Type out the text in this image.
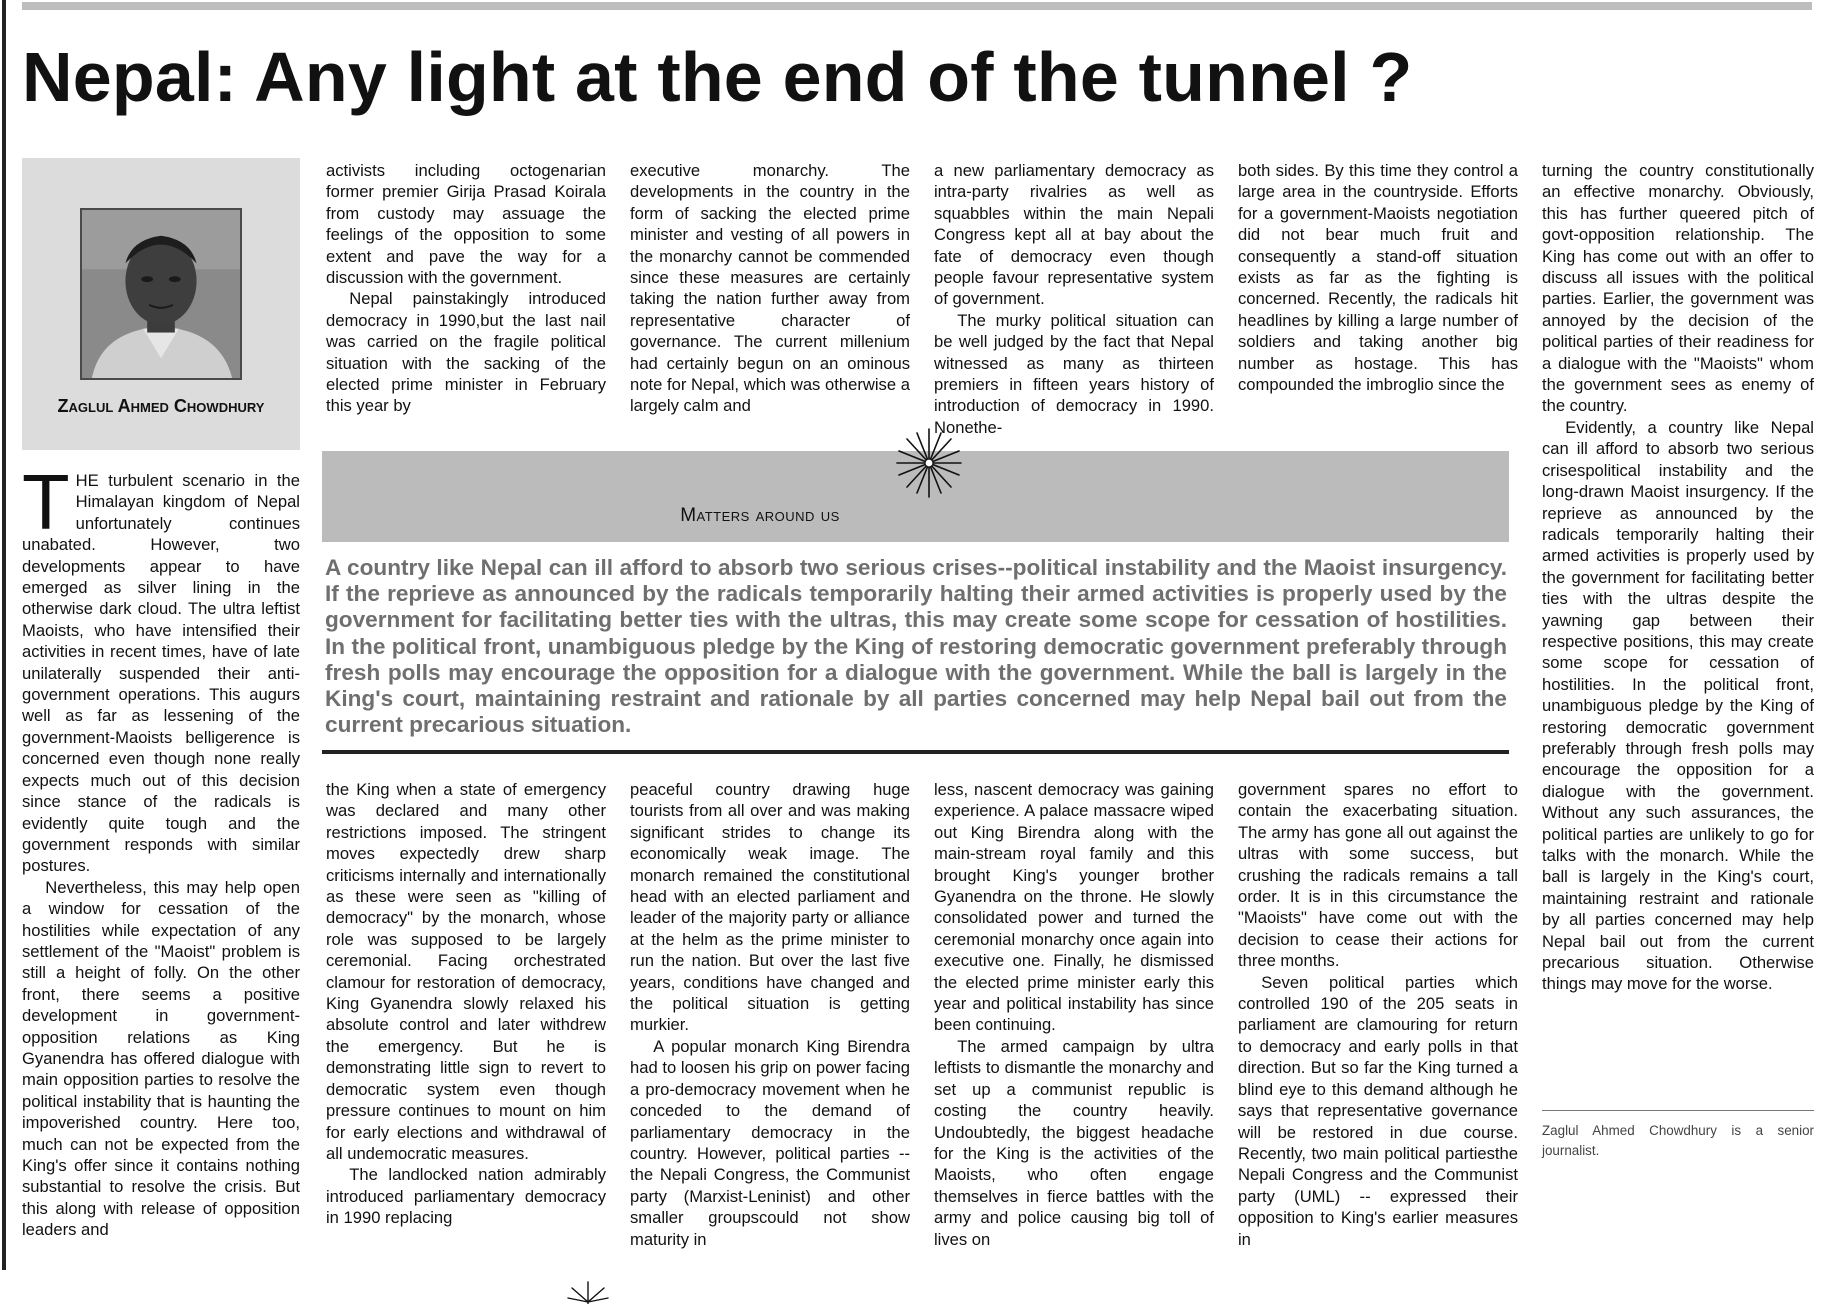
Nepal: Any light at the end of the tunnel ?

Zaglul Ahmed Chowdhury

THE turbulent scenario in the Himalayan kingdom of Nepal unfortunately continues unabated. However, two developments appear to have emerged as silver lining in the otherwise dark cloud. The ultra leftist Maoists, who have intensified their activities in recent times, have of late unilaterally suspended their anti-government operations. This augurs well as far as lessening of the government-Maoists belligerence is concerned even though none really expects much out of this decision since stance of the radicals is evidently quite tough and the government responds with similar postures.

Nevertheless, this may help open a window for cessation of the hostilities while expectation of any settlement of the "Maoist" problem is still a height of folly. On the other front, there seems a positive development in government-opposition relations as King Gyanendra has offered dialogue with main opposition parties to resolve the political instability that is haunting the impoverished country. Here too, much can not be expected from the King's offer since it contains nothing substantial to resolve the crisis. But this along with release of opposition leaders and

activists including octogenarian former premier Girija Prasad Koirala from custody may assuage the feelings of the opposition to some extent and pave the way for a discussion with the government.

Nepal painstakingly introduced democracy in 1990,but the last nail was carried on the fragile political situation with the sacking of the elected prime minister in February this year by

executive monarchy. The developments in the country in the form of sacking the elected prime minister and vesting of all powers in the monarchy cannot be commended since these measures are certainly taking the nation further away from representative character of governance. The current millenium had certainly begun on an ominous note for Nepal, which was otherwise a largely calm and

a new parliamentary democracy as intra-party rivalries as well as squabbles within the main Nepali Congress kept all at bay about the fate of democracy even though people favour representative system of government.

The murky political situation can be well judged by the fact that Nepal witnessed as many as thirteen premiers in fifteen years history of introduction of democracy in 1990. Nonethe-

both sides. By this time they control a large area in the countryside. Efforts for a government-Maoists negotiation did not bear much fruit and consequently a stand-off situation exists as far as the fighting is concerned. Recently, the radicals hit headlines by killing a large number of soldiers and taking another big number as hostage. This has compounded the imbroglio since the

turning the country constitutionally an effective monarchy. Obviously, this has further queered pitch of govt-opposition relationship. The King has come out with an offer to discuss all issues with the political parties. Earlier, the government was annoyed by the decision of the political parties of their readiness for a dialogue with the "Maoists" whom the government sees as enemy of the country.

Evidently, a country like Nepal can ill afford to absorb two serious crisespolitical instability and the long-drawn Maoist insurgency. If the reprieve as announced by the radicals temporarily halting their armed activities is properly used by the government for facilitating better ties with the ultras despite the yawning gap between their respective positions, this may create some scope for cessation of hostilities. In the political front, unambiguous pledge by the King of restoring democratic government preferably through fresh polls may encourage the opposition for a dialogue with the government. Without any such assurances, the political parties are unlikely to go for talks with the monarch. While the ball is largely in the King's court, maintaining restraint and rationale by all parties concerned may help Nepal bail out from the current precarious situation. Otherwise things may move for the worse.

Matters around us

A country like Nepal can ill afford to absorb two serious crises--political instability and the Maoist insurgency. If the reprieve as announced by the radicals temporarily halting their armed activities is properly used by the government for facilitating better ties with the ultras, this may create some scope for cessation of hostilities. In the political front, unambiguous pledge by the King of restoring democratic government preferably through fresh polls may encourage the opposition for a dialogue with the government. While the ball is largely in the King's court, maintaining restraint and rationale by all parties concerned may help Nepal bail out from the current precarious situation.

the King when a state of emergency was declared and many other restrictions imposed. The stringent moves expectedly drew sharp criticisms internally and internationally as these were seen as "killing of democracy" by the monarch, whose role was supposed to be largely ceremonial. Facing orchestrated clamour for restoration of democracy, King Gyanendra slowly relaxed his absolute control and later withdrew the emergency. But he is demonstrating little sign to revert to democratic system even though pressure continues to mount on him for early elections and withdrawal of all undemocratic measures.

The landlocked nation admirably introduced parliamentary democracy in 1990 replacing

peaceful country drawing huge tourists from all over and was making significant strides to change its economically weak image. The monarch remained the constitutional head with an elected parliament and leader of the majority party or alliance at the helm as the prime minister to run the nation. But over the last five years, conditions have changed and the political situation is getting murkier.

A popular monarch King Birendra had to loosen his grip on power facing a pro-democracy movement when he conceded to the demand of parliamentary democracy in the country. However, political parties -- the Nepali Congress, the Communist party (Marxist-Leninist) and other smaller groupscould not show maturity in

less, nascent democracy was gaining experience. A palace massacre wiped out King Birendra along with the main-stream royal family and this brought King's younger brother Gyanendra on the throne. He slowly consolidated power and turned the ceremonial monarchy once again into executive one. Finally, he dismissed the elected prime minister early this year and political instability has since been continuing.

The armed campaign by ultra leftists to dismantle the monarchy and set up a communist republic is costing the country heavily. Undoubtedly, the biggest headache for the King is the activities of the Maoists, who often engage themselves in fierce battles with the army and police causing big toll of lives on

government spares no effort to contain the exacerbating situation. The army has gone all out against the ultras with some success, but crushing the radicals remains a tall order. It is in this circumstance the "Maoists" have come out with the decision to cease their actions for three months.

Seven political parties which controlled 190 of the 205 seats in parliament are clamouring for return to democracy and early polls in that direction. But so far the King turned a blind eye to this demand although he says that representative governance will be restored in due course. Recently, two main political partiesthe Nepali Congress and the Communist party (UML) -- expressed their opposition to King's earlier measures in

Zaglul Ahmed Chowdhury is a senior journalist.
